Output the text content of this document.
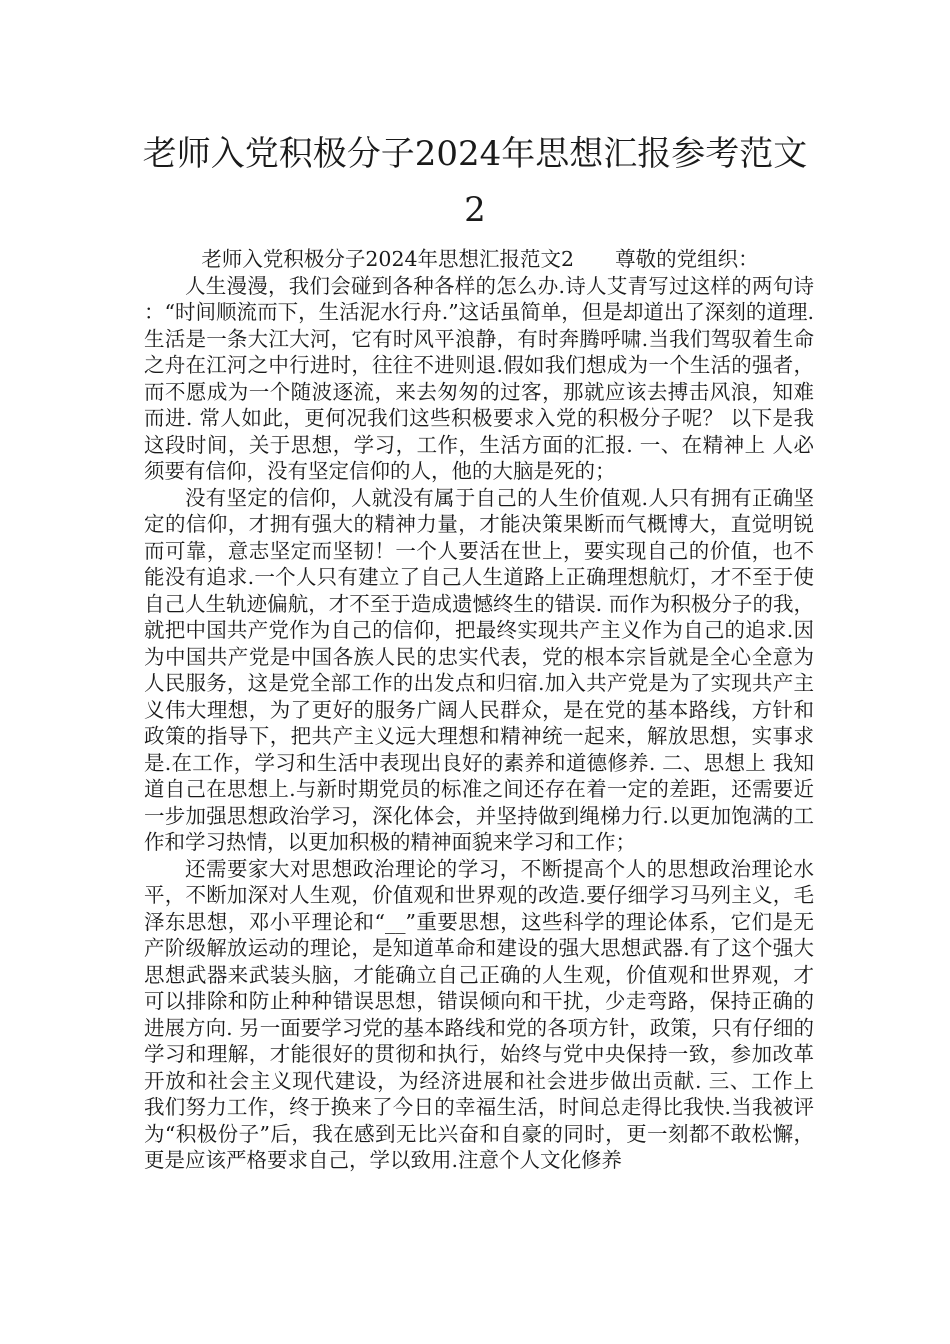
老师入党积极分子2024年思想汇报参考范文2

老师入党积极分子2024年思想汇报范文2　　尊敬的党组织：

人生漫漫，我们会碰到各种各样的怎么办.诗人艾青写过这样的两句诗：“时间顺流而下，生活泥水行舟.”这话虽简单，但是却道出了深刻的道理. 生活是一条大江大河，它有时风平浪静，有时奔腾呼啸.当我们驾驭着生命之舟在江河之中行进时，往往不进则退.假如我们想成为一个生活的强者，而不愿成为一个随波逐流，来去匆匆的过客，那就应该去搏击风浪，知难而进. 常人如此，更何况我们这些积极要求入党的积极分子呢？ 以下是我这段时间，关于思想，学习，工作，生活方面的汇报. 一、在精神上 人必须要有信仰，没有坚定信仰的人，他的大脑是死的；

没有坚定的信仰，人就没有属于自己的人生价值观.人只有拥有正确坚定的信仰，才拥有强大的精神力量，才能决策果断而气概博大，直觉明锐而可靠，意志坚定而坚韧！一个人要活在世上，要实现自己的价值，也不能没有追求.一个人只有建立了自己人生道路上正确理想航灯，才不至于使自己人生轨迹偏航，才不至于造成遗憾终生的错误. 而作为积极分子的我，就把中国共产党作为自己的信仰，把最终实现共产主义作为自己的追求.因为中国共产党是中国各族人民的忠实代表，党的根本宗旨就是全心全意为人民服务，这是党全部工作的出发点和归宿.加入共产党是为了实现共产主义伟大理想，为了更好的服务广阔人民群众，是在党的基本路线，方针和政策的指导下，把共产主义远大理想和精神统一起来，解放思想，实事求是.在工作，学习和生活中表现出良好的素养和道德修养. 二、思想上 我知道自己在思想上.与新时期党员的标准之间还存在着一定的差距，还需要近一步加强思想政治学习，深化体会，并坚持做到绳梯力行.以更加饱满的工作和学习热情，以更加积极的精神面貌来学习和工作；

还需要家大对思想政治理论的学习，不断提高个人的思想政治理论水平，不断加深对人生观，价值观和世界观的改造.要仔细学习马列主义，毛泽东思想，邓小平理论和“__”重要思想，这些科学的理论体系，它们是无产阶级解放运动的理论，是知道革命和建设的强大思想武器.有了这个强大思想武器来武装头脑，才能确立自己正确的人生观，价值观和世界观，才可以排除和防止种种错误思想，错误倾向和干扰，少走弯路，保持正确的进展方向. 另一面要学习党的基本路线和党的各项方针，政策，只有仔细的学习和理解，才能很好的贯彻和执行，始终与党中央保持一致，参加改革开放和社会主义现代建设，为经济进展和社会进步做出贡献. 三、工作上 我们努力工作，终于换来了今日的幸福生活，时间总走得比我快.当我被评为“积极份子”后，我在感到无比兴奋和自豪的同时，更一刻都不敢松懈，更是应该严格要求自己，学以致用.注意个人文化修养
